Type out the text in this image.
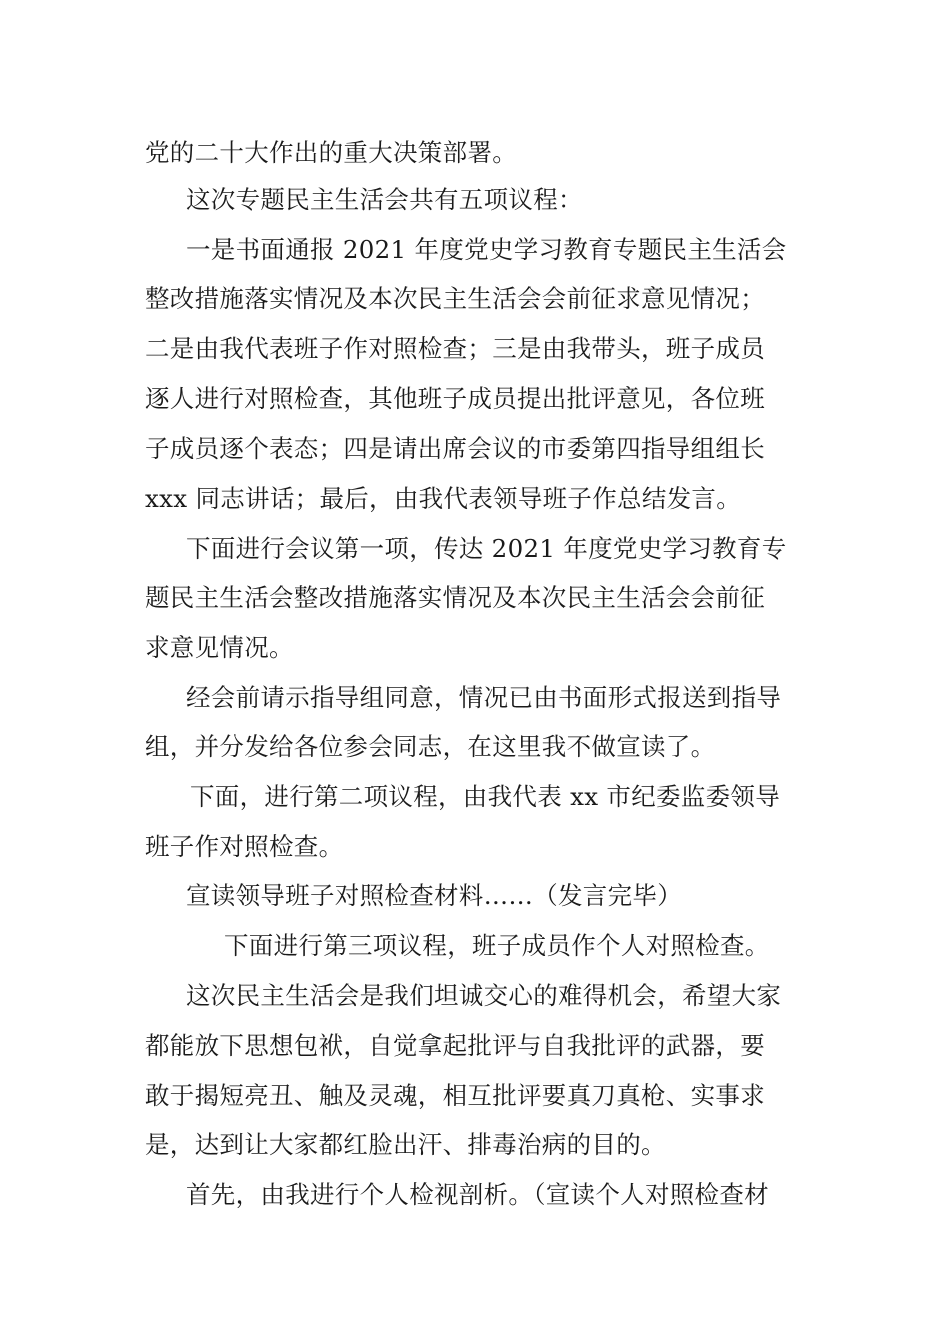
党的二十大作出的重大决策部署。
这次专题民主生活会共有五项议程：
一是书面通报 2021 年度党史学习教育专题民主生活会
整改措施落实情况及本次民主生活会会前征求意见情况；
二是由我代表班子作对照检查；三是由我带头，班子成员
逐人进行对照检查，其他班子成员提出批评意见，各位班
子成员逐个表态；四是请出席会议的市委第四指导组组长
xxx 同志讲话；最后，由我代表领导班子作总结发言。
下面进行会议第一项，传达 2021 年度党史学习教育专
题民主生活会整改措施落实情况及本次民主生活会会前征
求意见情况。
经会前请示指导组同意，情况已由书面形式报送到指导
组，并分发给各位参会同志，在这里我不做宣读了。
下面，进行第二项议程，由我代表 xx 市纪委监委领导
班子作对照检查。
宣读领导班子对照检查材料……（发言完毕）
下面进行第三项议程，班子成员作个人对照检查。
这次民主生活会是我们坦诚交心的难得机会，希望大家
都能放下思想包袱，自觉拿起批评与自我批评的武器，要
敢于揭短亮丑、触及灵魂，相互批评要真刀真枪、实事求
是，达到让大家都红脸出汗、排毒治病的目的。
首先，由我进行个人检视剖析。（宣读个人对照检查材
